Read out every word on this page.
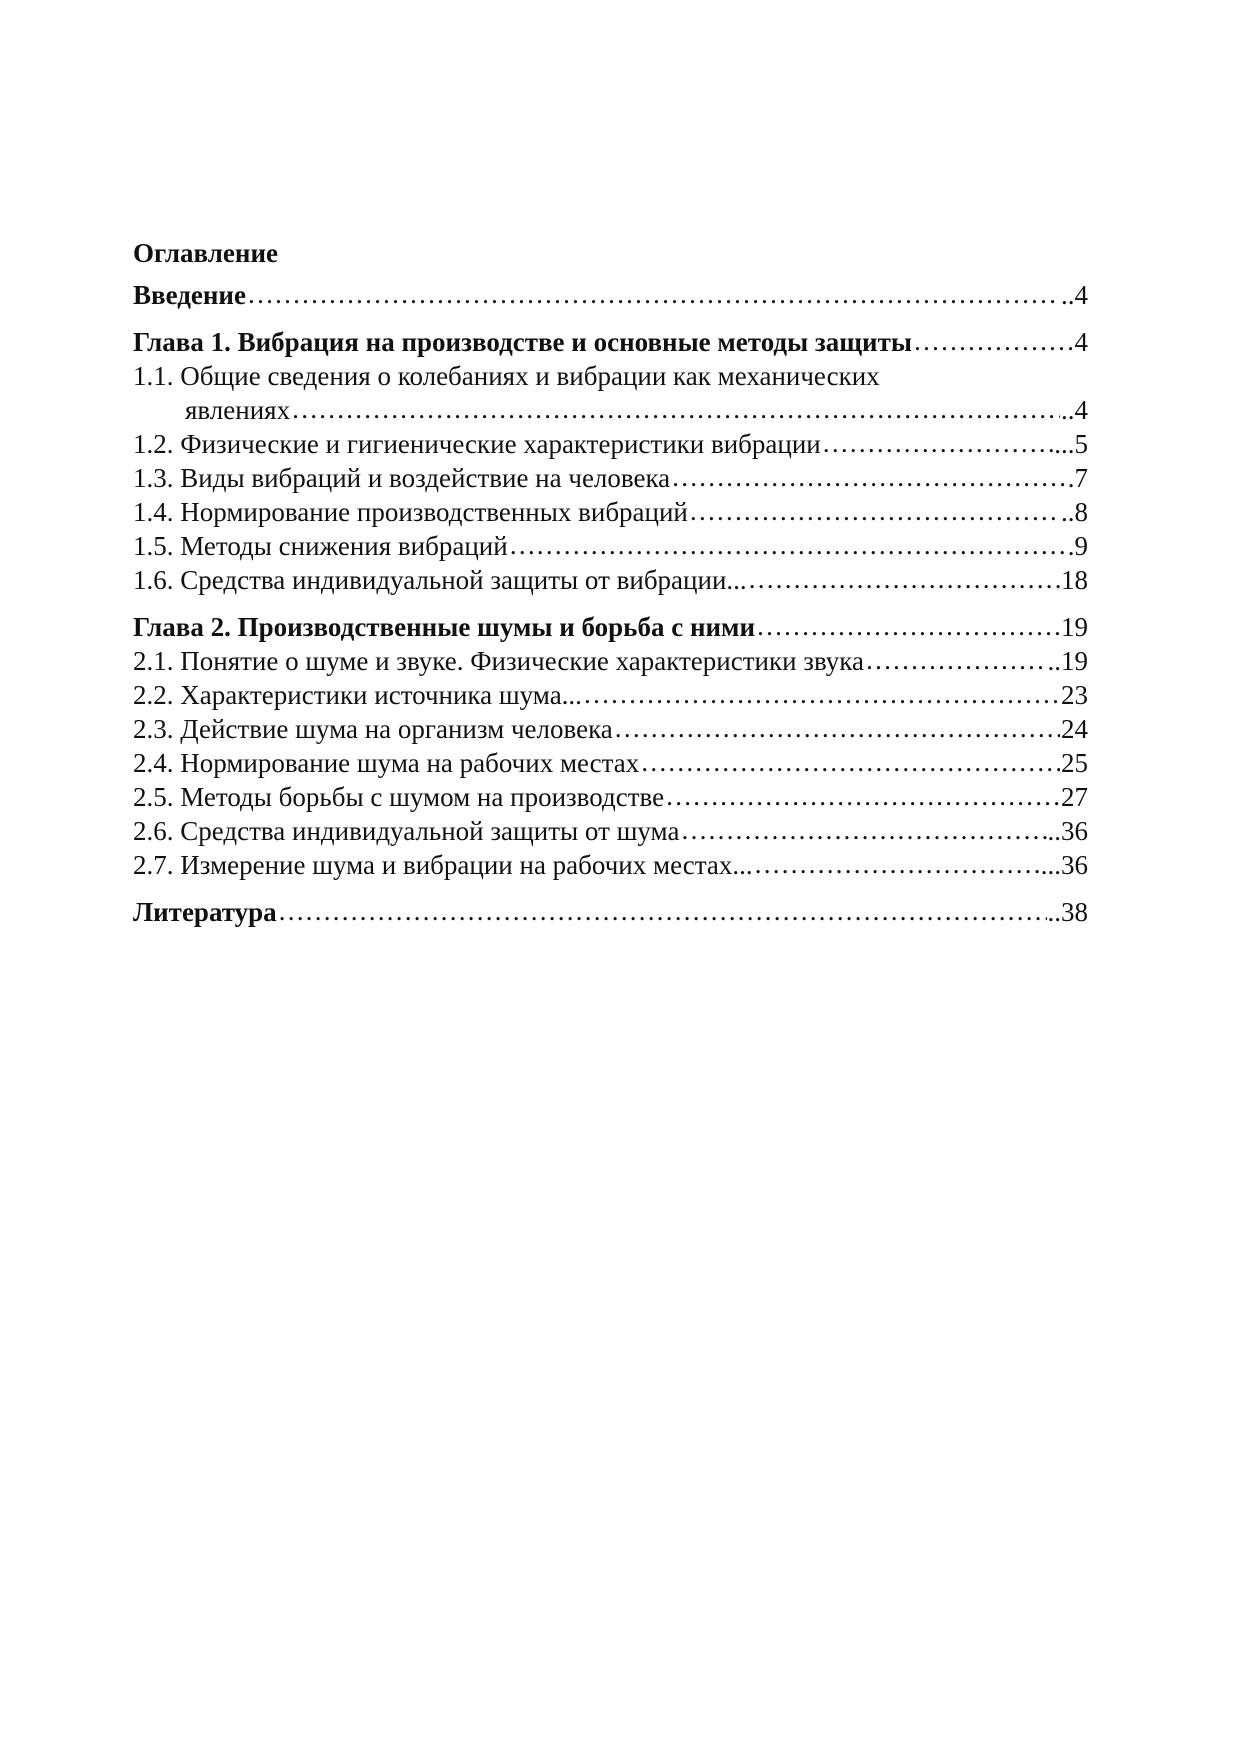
Оглавление
Введение …………………………………………………………………………………………………………………………………………………………………………	..4
Глава 1. Вибрация на производстве и основные методы защиты …………………………………………………………………………………………………………………………………………………………………………	4
1.1. Общие сведения о колебаниях и вибрации как механических
явлениях …………………………………………………………………………………………………………………………………………………………………………	..4
1.2. Физические и гигиенические характеристики вибрации …………………………………………………………………………………………………………………………………………………………………………	...5
1.3. Виды вибраций и воздействие на человека …………………………………………………………………………………………………………………………………………………………………………	.7
1.4. Нормирование производственных вибраций …………………………………………………………………………………………………………………………………………………………………………	..8
1.5. Методы снижения вибраций …………………………………………………………………………………………………………………………………………………………………………	.9
1.6. Средства индивидуальной защиты от вибрации... …………………………………………………………………………………………………………………………………………………………………………	18
Глава 2. Производственные шумы и борьба с ними …………………………………………………………………………………………………………………………………………………………………………	19
2.1. Понятие о шуме и звуке. Физические характеристики звука …………………………………………………………………………………………………………………………………………………………………………	..19
2.2. Характеристики источника шума... …………………………………………………………………………………………………………………………………………………………………………	23
2.3. Действие шума на организм человека …………………………………………………………………………………………………………………………………………………………………………	24
2.4. Нормирование шума на рабочих местах …………………………………………………………………………………………………………………………………………………………………………	25
2.5. Методы борьбы с шумом на производстве …………………………………………………………………………………………………………………………………………………………………………	27
2.6. Средства индивидуальной защиты от шума …………………………………………………………………………………………………………………………………………………………………………	..36
2.7. Измерение шума и вибрации на рабочих местах... …………………………………………………………………………………………………………………………………………………………………………	...36
Литература …………………………………………………………………………………………………………………………………………………………………………	..38
